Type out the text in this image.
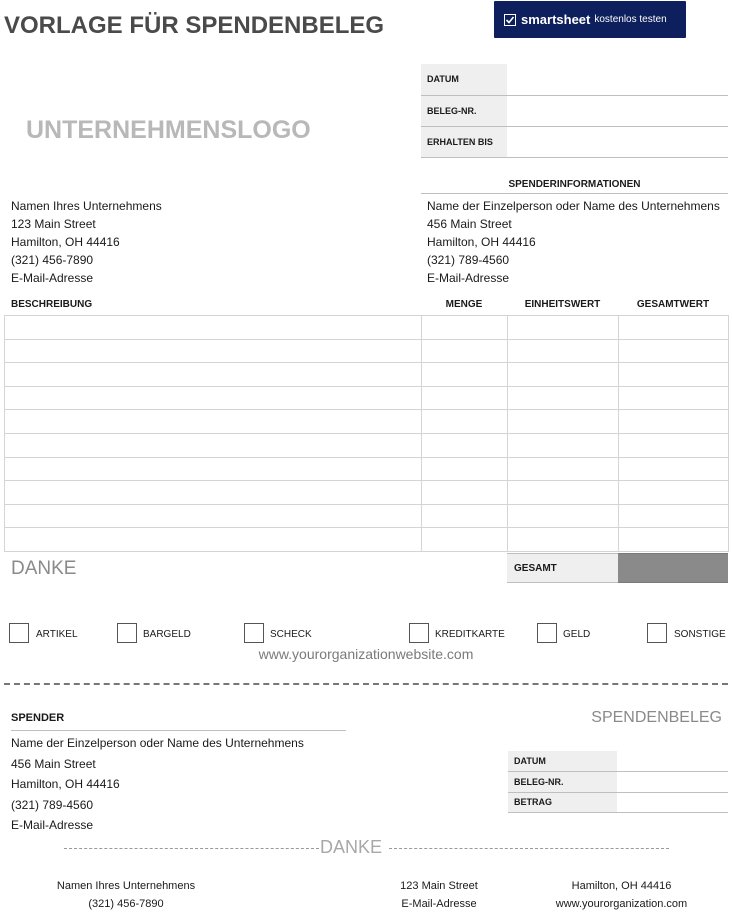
VORLAGE FÜR SPENDENBELEG	smartsheet kostenlos testen
UNTERNEHMENSLOGO
DATUM	
BELEG-NR.	
ERHALTEN BIS	
Namen Ihres Unternehmens
123 Main Street
Hamilton, OH 44416
(321) 456-7890
E-Mail-Adresse
SPENDERINFORMATIONEN
Name der Einzelperson oder Name des Unternehmens
456 Main Street
Hamilton, OH 44416
(321) 789-4560
E-Mail-Adresse
BESCHREIBUNG	MENGE	EINHEITSWERT	GESAMTWERT

DANKE	GESAMT
ARTIKEL	BARGELD	SCHECK	KREDITKARTE	GELD	SONSTIGE
www.yourorganizationwebsite.com
SPENDER
Name der Einzelperson oder Name des Unternehmens
456 Main Street
Hamilton, OH 44416
(321) 789-4560
E-Mail-Adresse
SPENDENBELEG
DATUM	
BELEG-NR.	
BETRAG	
DANKE
Namen Ihres Unternehmens
(321) 456-7890
123 Main Street
E-Mail-Adresse
Hamilton, OH 44416
www.yourorganization.com
